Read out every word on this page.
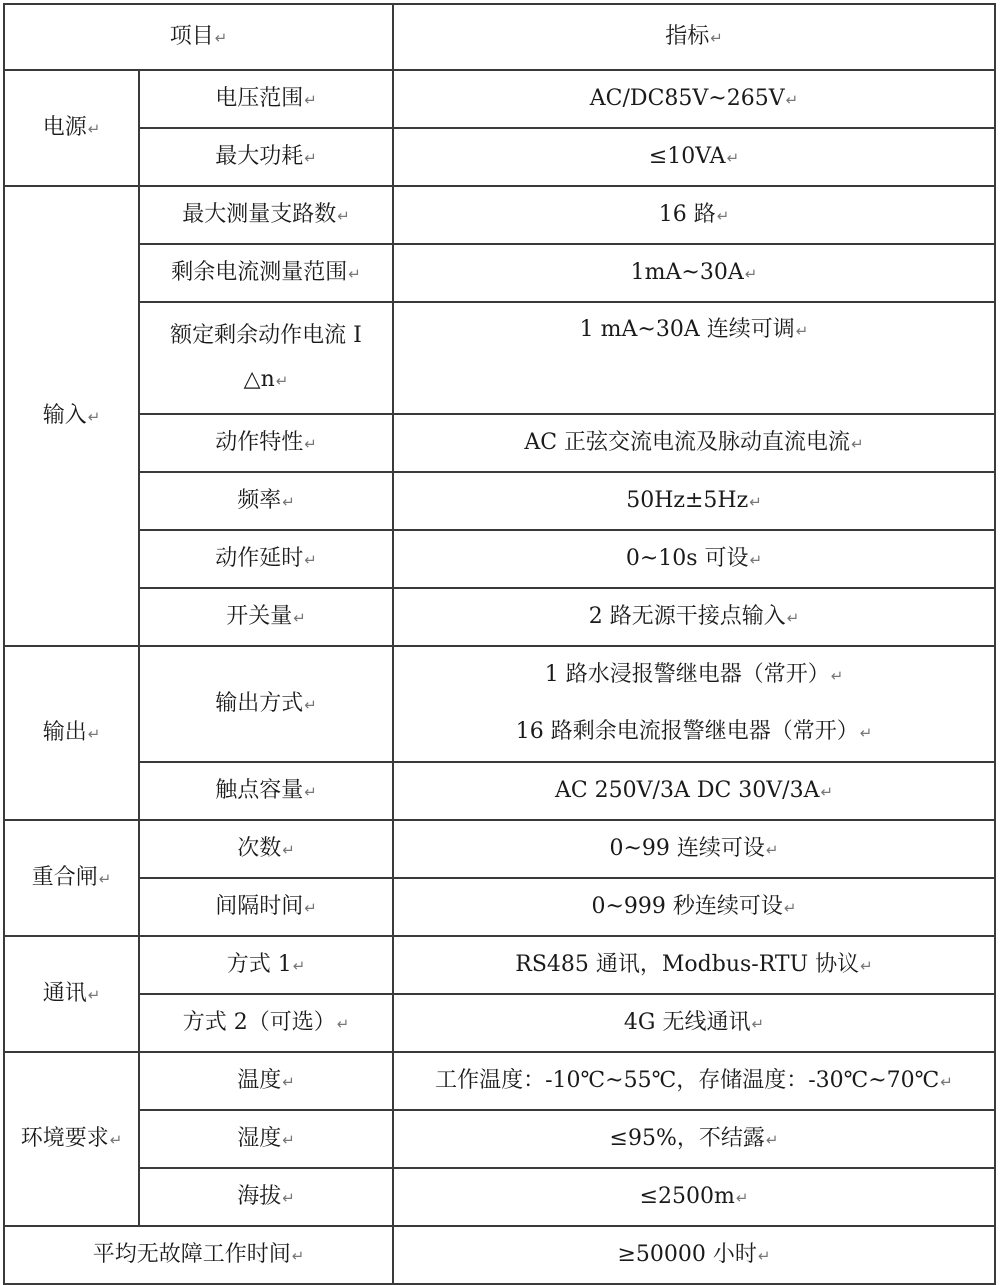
项目↵		指标↵
电源↵	电压范围↵	AC/DC85V~265V↵
	最大功耗↵	≤10VA↵
输入↵	最大测量支路数↵	16 路↵
	剩余电流测量范围↵	1mA~30A↵

	额定剩余动作电流 I △n↵	1 mA~30A 连续可调↵

	动作特性↵	AC 正弦交流电流及脉动直流电流↵
	频率↵	50Hz±5Hz↵
	动作延时↵	0~10s 可设↵
	开关量↵	2 路无源干接点输入↵
输出↵	输出方式↵	1 路水浸报警继电器（常开）↵
16 路剩余电流报警继电器（常开）↵

	触点容量↵	AC 250V/3A DC 30V/3A↵
重合闸↵	次数↵	0~99 连续可设↵
	间隔时间↵	0~999 秒连续可设↵
通讯↵	方式 1↵	RS485 通讯，Modbus-RTU 协议↵
	方式 2（可选）↵	4G 无线通讯↵
环境要求↵	温度↵	工作温度：-10℃~55℃，存储温度：-30℃~70℃↵
	湿度↵	≤95%，不结露↵
	海拔↵	≤2500m↵
平均无故障工作时间↵		≥50000 小时↵
